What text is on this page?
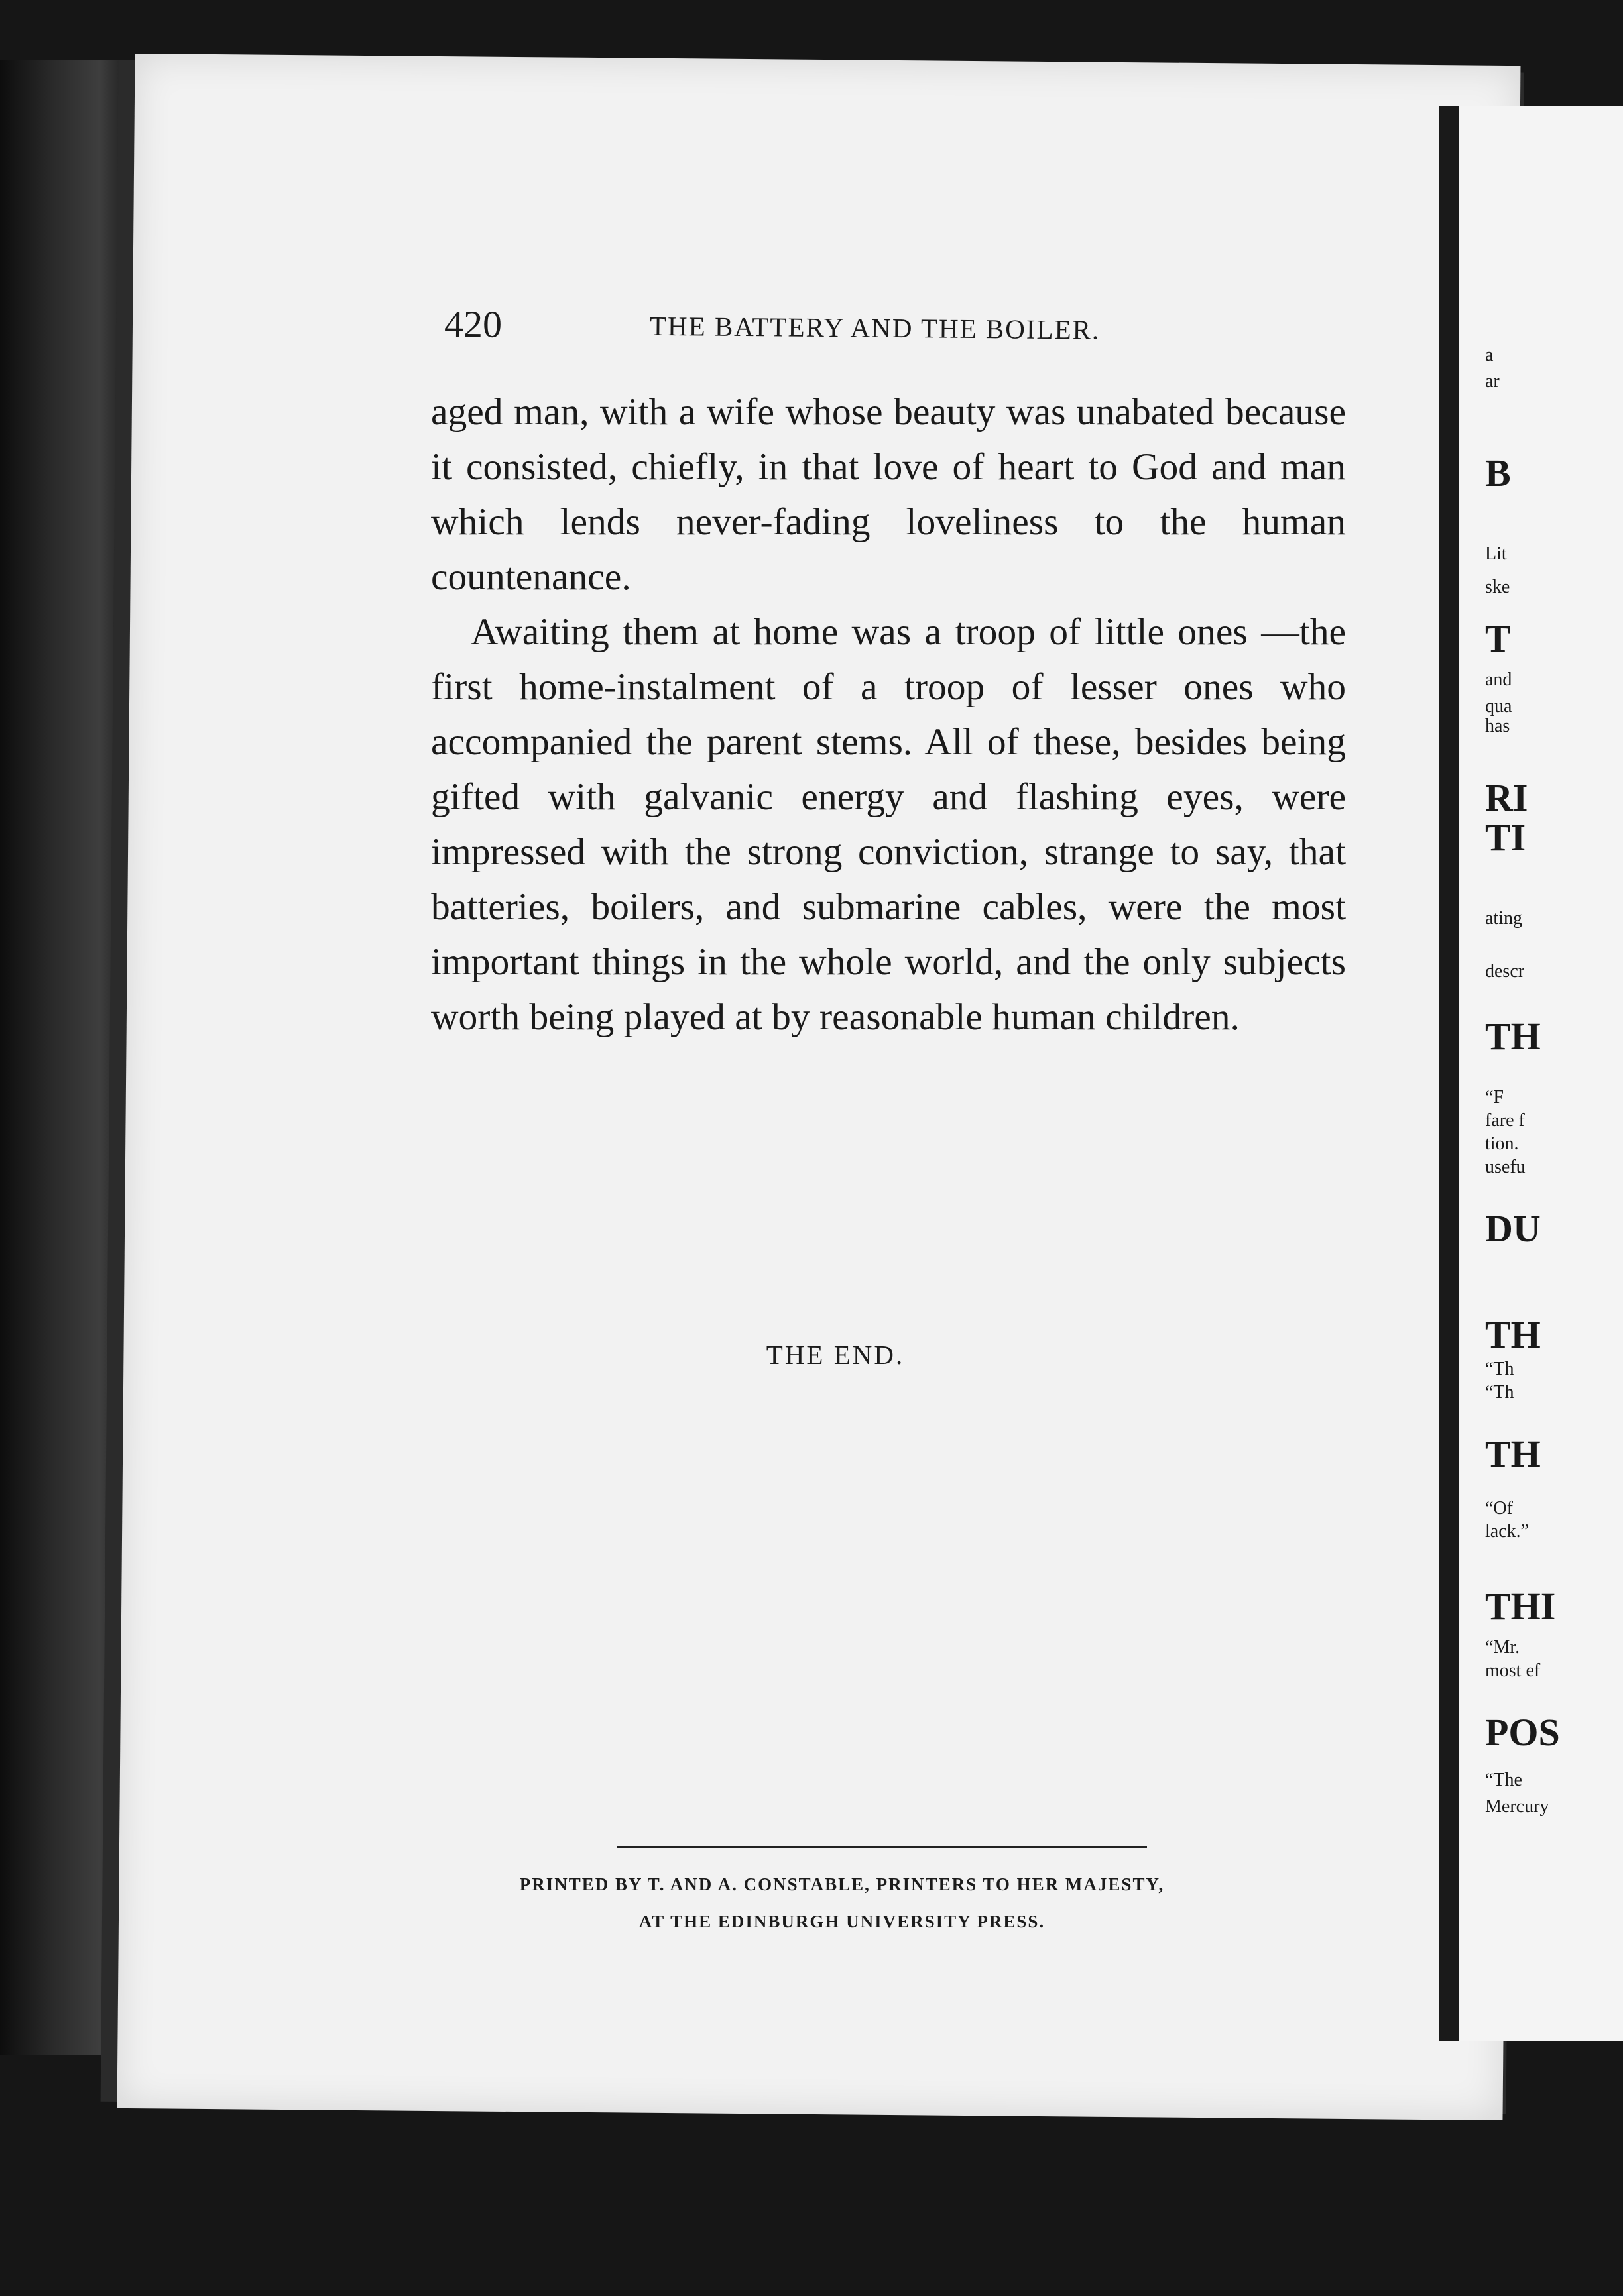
420	THE BATTERY AND THE BOILER.

aged man, with a wife whose beauty was unabated because it consisted, chiefly, in that love of heart to God and man which lends never-fading loveliness to the human countenance.

Awaiting them at home was a troop of little ones —the first home-instalment of a troop of lesser ones who accompanied the parent stems. All of these, besides being gifted with galvanic energy and flashing eyes, were impressed with the strong conviction, strange to say, that batteries, boilers, and submarine cables, were the most important things in the whole world, and the only subjects worth being played at by reasonable human children.

THE END.
PRINTED BY T. AND A. CONSTABLE, PRINTERS TO HER MAJESTY,
AT THE EDINBURGH UNIVERSITY PRESS.
a
ar
B
Lit
ske
T
and
qua
has
RI
TI
ating
descr
TH
“F
fare f
tion.
usefu
DU
TH
“Th
“Th
TH
“Of
lack.”
THI
“Mr.
most ef
POS
“The
Mercury
